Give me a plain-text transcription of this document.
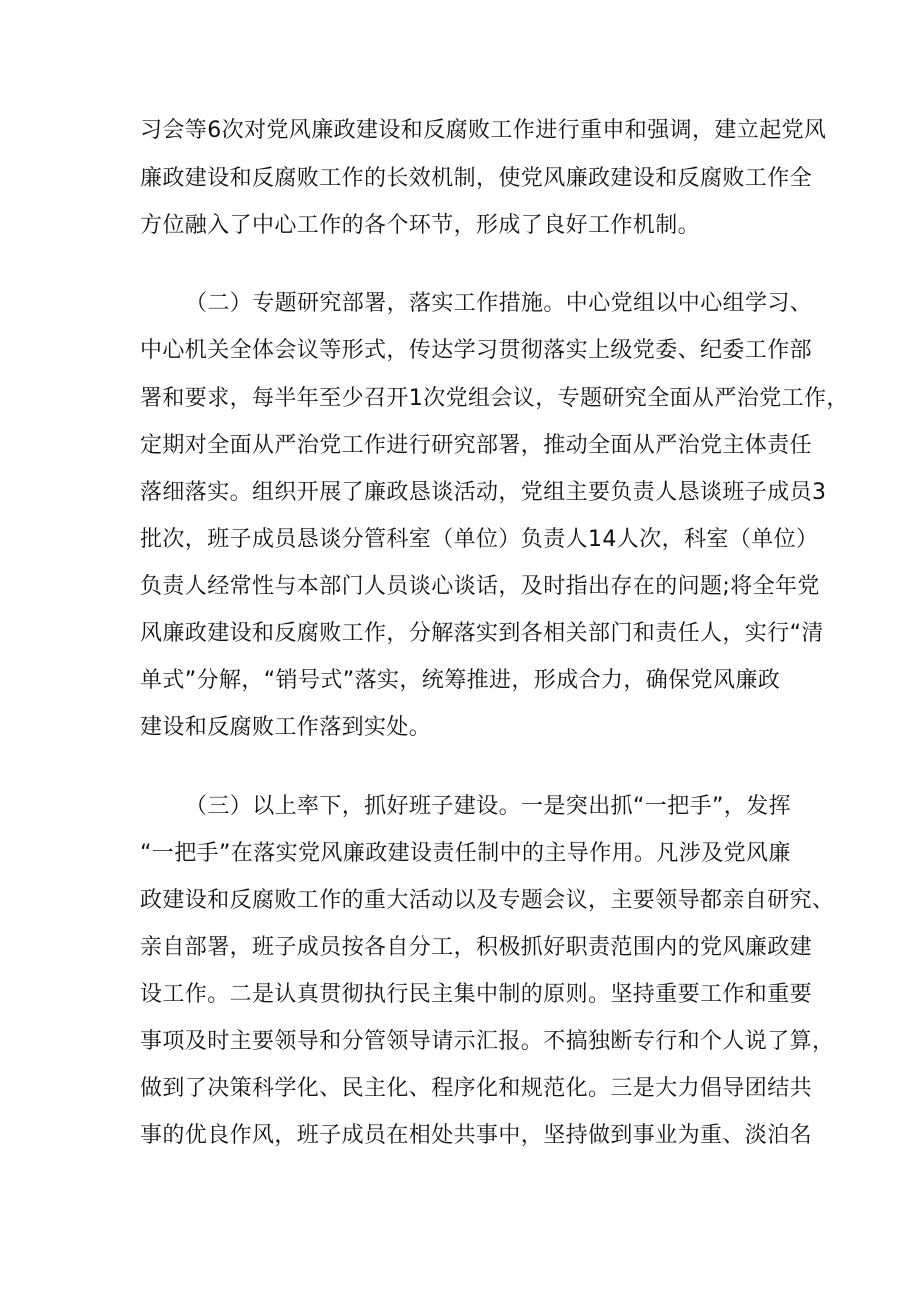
习会等6次对党风廉政建设和反腐败工作进行重申和强调，建立起党风
廉政建设和反腐败工作的长效机制，使党风廉政建设和反腐败工作全
方位融入了中心工作的各个环节，形成了良好工作机制。
（二）专题研究部署，落实工作措施。中心党组以中心组学习、
中心机关全体会议等形式，传达学习贯彻落实上级党委、纪委工作部
署和要求，每半年至少召开1次党组会议，专题研究全面从严治党工作，
定期对全面从严治党工作进行研究部署，推动全面从严治党主体责任
落细落实。组织开展了廉政恳谈活动，党组主要负责人恳谈班子成员3
批次，班子成员恳谈分管科室（单位）负责人14人次，科室（单位）
负责人经常性与本部门人员谈心谈话，及时指出存在的问题;将全年党
风廉政建设和反腐败工作，分解落实到各相关部门和责任人，实行“清
单式”分解，“销号式”落实，统筹推进，形成合力，确保党风廉政
建设和反腐败工作落到实处。
（三）以上率下，抓好班子建设。一是突出抓“一把手”，发挥
“一把手”在落实党风廉政建设责任制中的主导作用。凡涉及党风廉
政建设和反腐败工作的重大活动以及专题会议，主要领导都亲自研究、
亲自部署，班子成员按各自分工，积极抓好职责范围内的党风廉政建
设工作。二是认真贯彻执行民主集中制的原则。坚持重要工作和重要
事项及时主要领导和分管领导请示汇报。不搞独断专行和个人说了算，
做到了决策科学化、民主化、程序化和规范化。三是大力倡导团结共
事的优良作风，班子成员在相处共事中，坚持做到事业为重、淡泊名
